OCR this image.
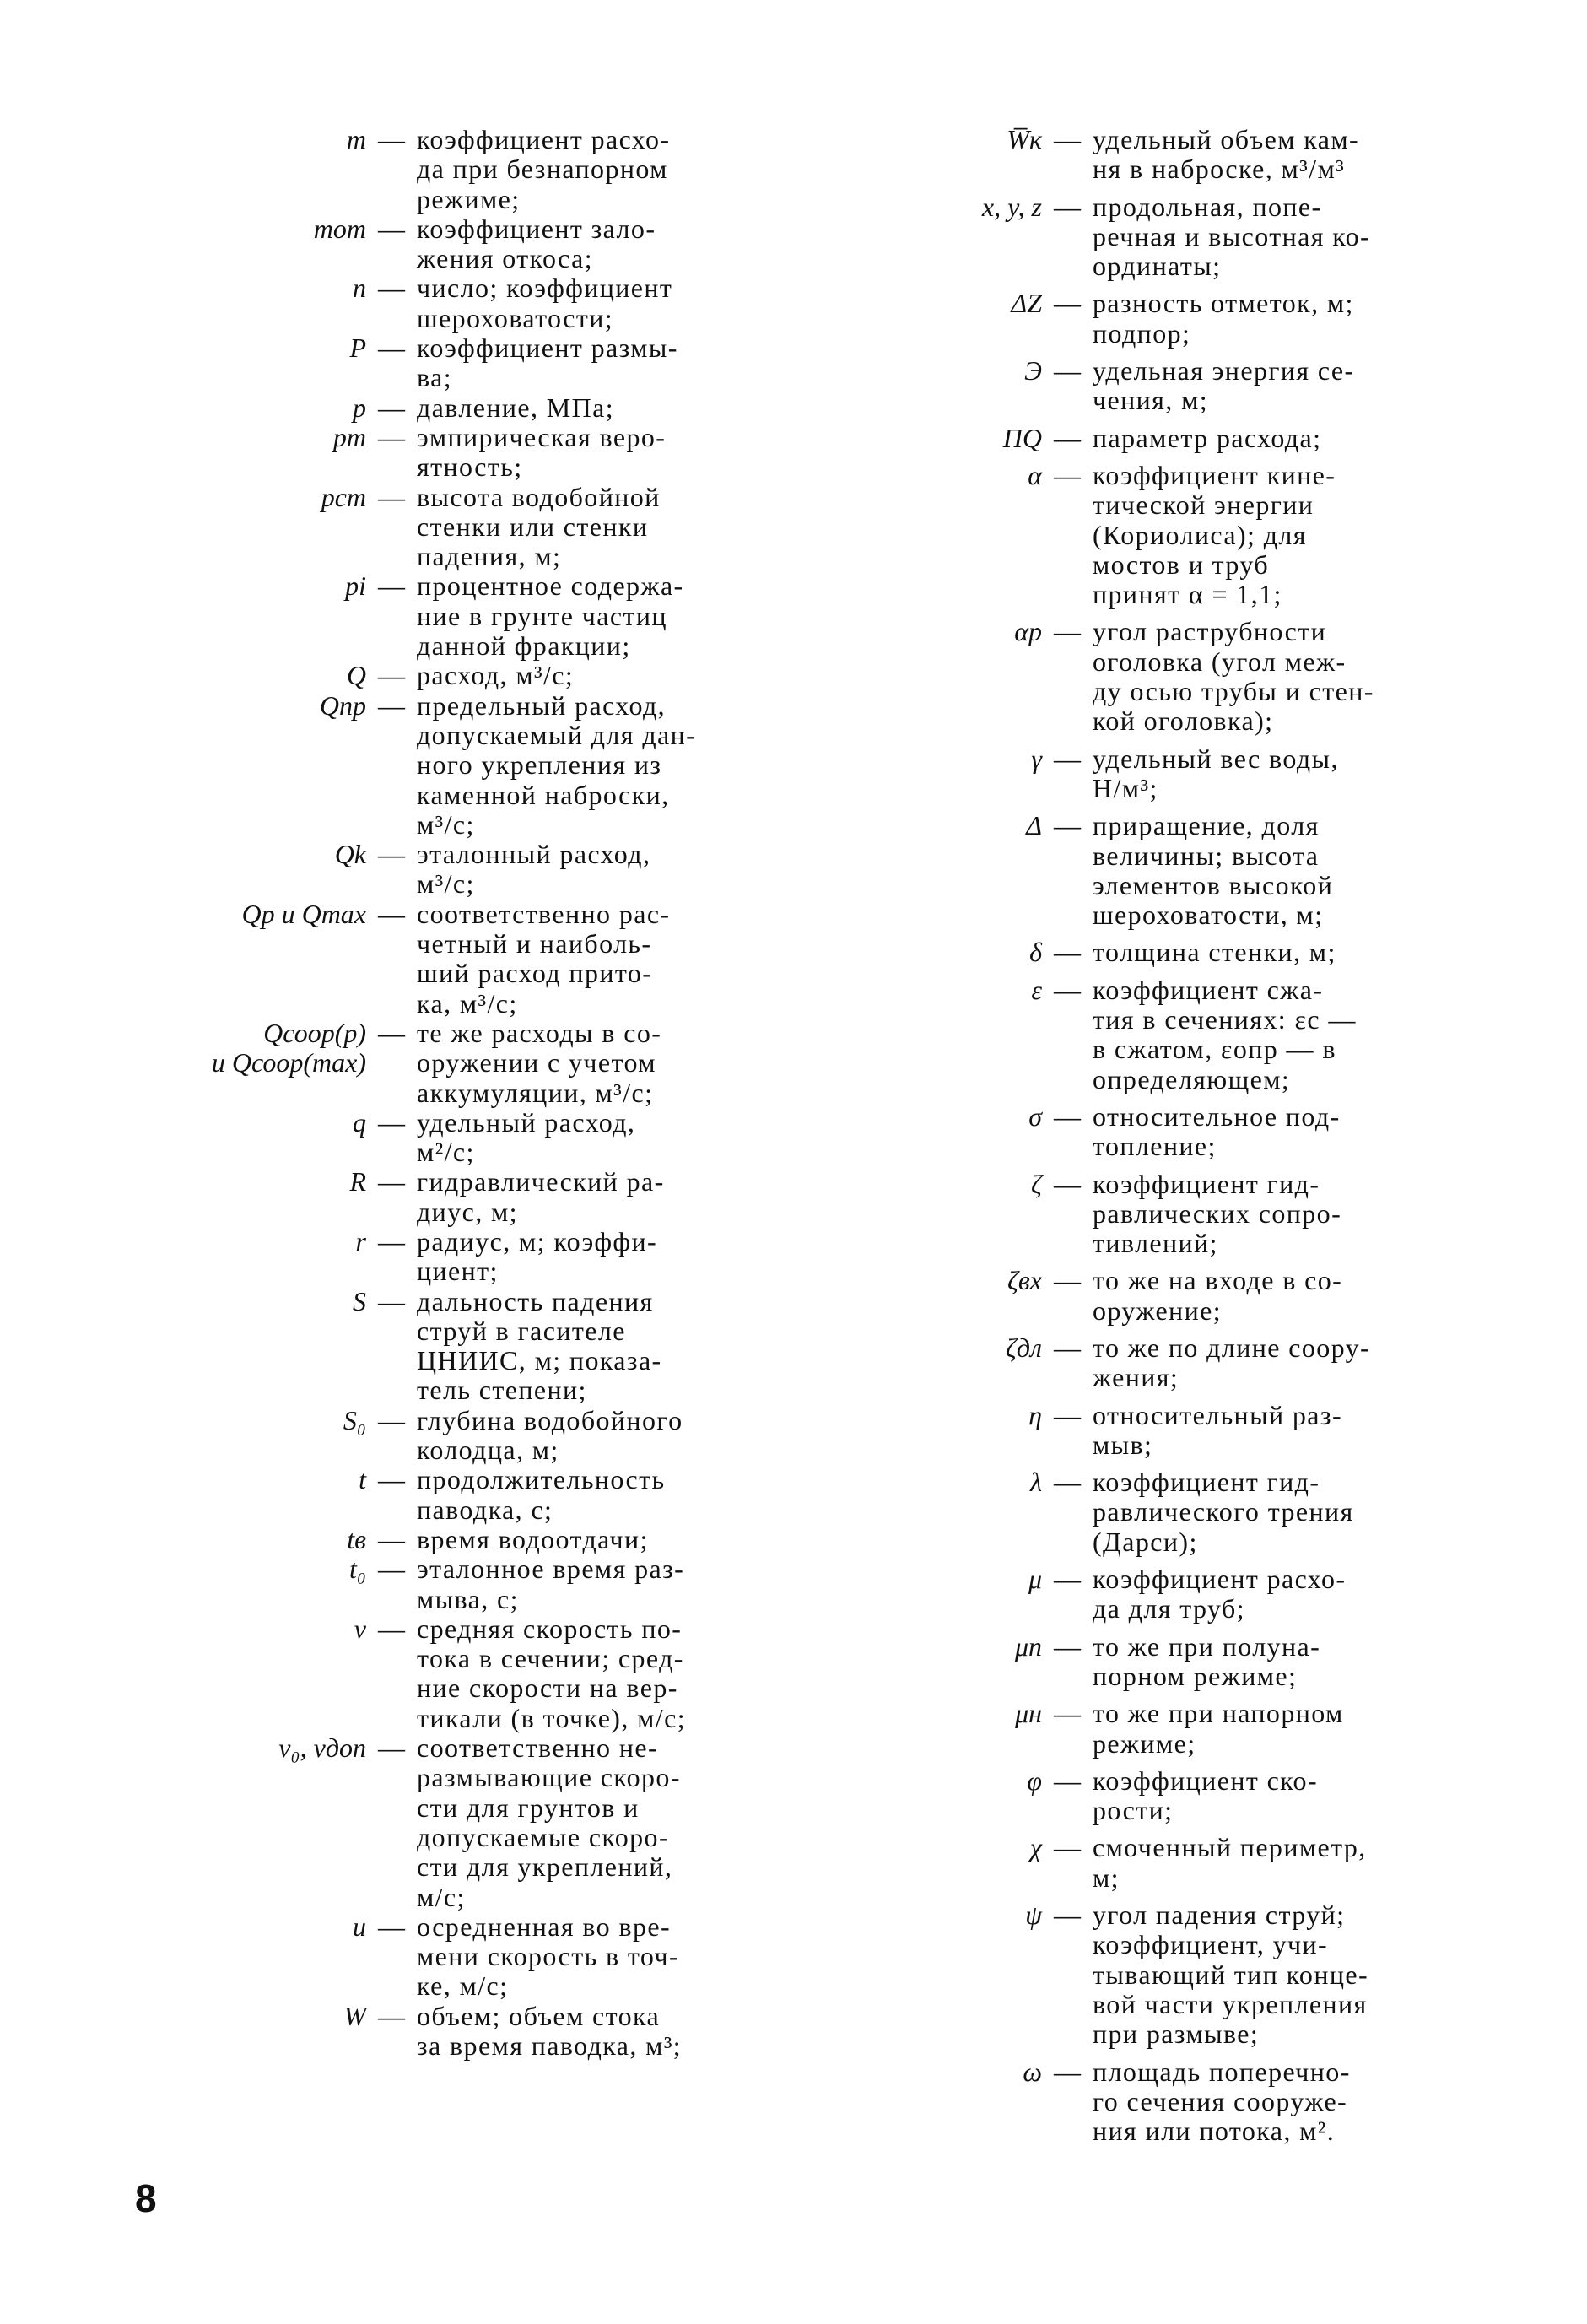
m — коэффициент расхо-
да при безнапорном
режиме;
mот — коэффициент зало-
жения откоса;
n — число; коэффициент
шероховатости;
P — коэффициент размы-
ва;
p — давление, МПа;
pm — эмпирическая веро-
ятность;
pст — высота водобойной
стенки или стенки
падения, м;
pi — процентное содержа-
ние в грунте частиц
данной фракции;
Q — расход, м³/с;
Qпр — предельный расход,
допускаемый для дан-
ного укрепления из
каменной наброски,
м³/с;
Qk — эталонный расход,
м³/с;
Qр и Qmax — соответственно рас-
четный и наиболь-
ший расход прито-
ка, м³/с;
Qсоор(р)
и Qсоор(max)
— те же расходы в со-
оружении с учетом
аккумуляции, м³/с;
q — удельный расход,
м²/с;
R — гидравлический ра-
диус, м;
r — радиус, м; коэффи-
циент;
S — дальность падения
струй в гасителе
ЦНИИС, м; показа-
тель степени;
S₀ — глубина водобойного
колодца, м;
t — продолжительность
паводка, с;
tв — время водоотдачи;
t₀ — эталонное время раз-
мыва, с;
v — средняя скорость по-
тока в сечении; сред-
ние скорости на вер-
тикали (в точке), м/с;
v₀, vдоп — соответственно не-
размывающие скоро-
сти для грунтов и
допускаемые скоро-
сти для укреплений,
м/с;
u — осредненная во вре-
мени скорость в точ-
ке, м/с;
W — объем; объем стока
за время паводка, м³;
W̅к — удельный объем кам-
ня в наброске, м³/м³
x, y, z — продольная, попе-
речная и высотная ко-
ординаты;
ΔZ — разность отметок, м;
подпор;
Э — удельная энергия се-
чения, м;
ПQ — параметр расхода;
α — коэффициент кине-
тической энергии
(Кориолиса); для
мостов и труб
принят α = 1,1;
αр — угол раструбности
оголовка (угол меж-
ду осью трубы и стен-
кой оголовка);
γ — удельный вес воды,
Н/м³;
Δ — приращение, доля
величины; высота
элементов высокой
шероховатости, м;
δ — толщина стенки, м;
ε — коэффициент сжа-
тия в сечениях: εc —
в сжатом, εопр — в
определяющем;
σ — относительное под-
топление;
ζ — коэффициент гид-
равлических сопро-
тивлений;
ζвх — то же на входе в со-
оружение;
ζдл — то же по длине соору-
жения;
η — относительный раз-
мыв;
λ — коэффициент гид-
равлического трения
(Дарси);
μ — коэффициент расхо-
да для труб;
μп — то же при полуна-
порном режиме;
μн — то же при напорном
режиме;
φ — коэффициент ско-
рости;
χ — смоченный периметр,
м;
ψ — угол падения струй;
коэффициент, учи-
тывающий тип конце-
вой части укрепления
при размыве;
ω — площадь поперечно-
го сечения сооруже-
ния или потока, м².
8
